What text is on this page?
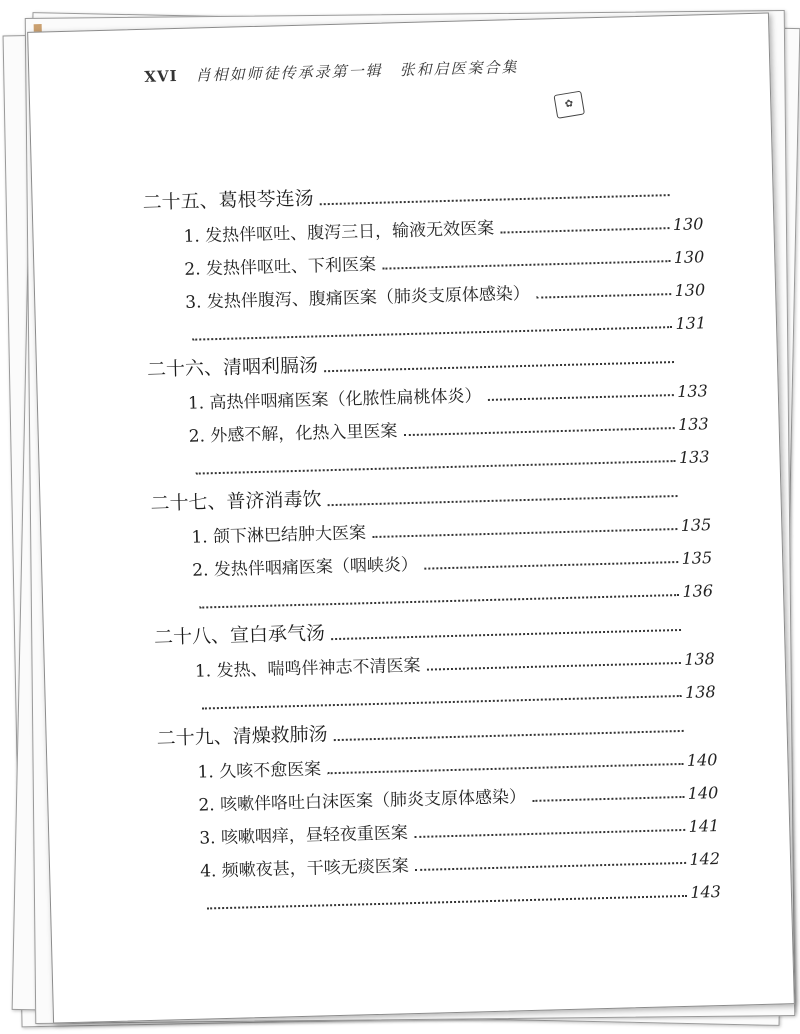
XVI 肖相如师徒传承录第一辑　张和启医案合集
✿
二十五、葛根芩连汤
1. 发热伴呕吐、腹泻三日，输液无效医案	130
2. 发热伴呕吐、下利医案	130
3. 发热伴腹泻、腹痛医案（肺炎支原体感染）	130
131
二十六、清咽利膈汤
1. 高热伴咽痛医案（化脓性扁桃体炎）	133
2. 外感不解，化热入里医案	133
133
二十七、普济消毒饮
1. 颌下淋巴结肿大医案	135
2. 发热伴咽痛医案（咽峡炎）	135
136
二十八、宣白承气汤
1. 发热、喘鸣伴神志不清医案	138
138
二十九、清燥救肺汤
1. 久咳不愈医案	140
2. 咳嗽伴咯吐白沫医案（肺炎支原体感染）	140
3. 咳嗽咽痒，昼轻夜重医案	141
4. 频嗽夜甚，干咳无痰医案	142
143
